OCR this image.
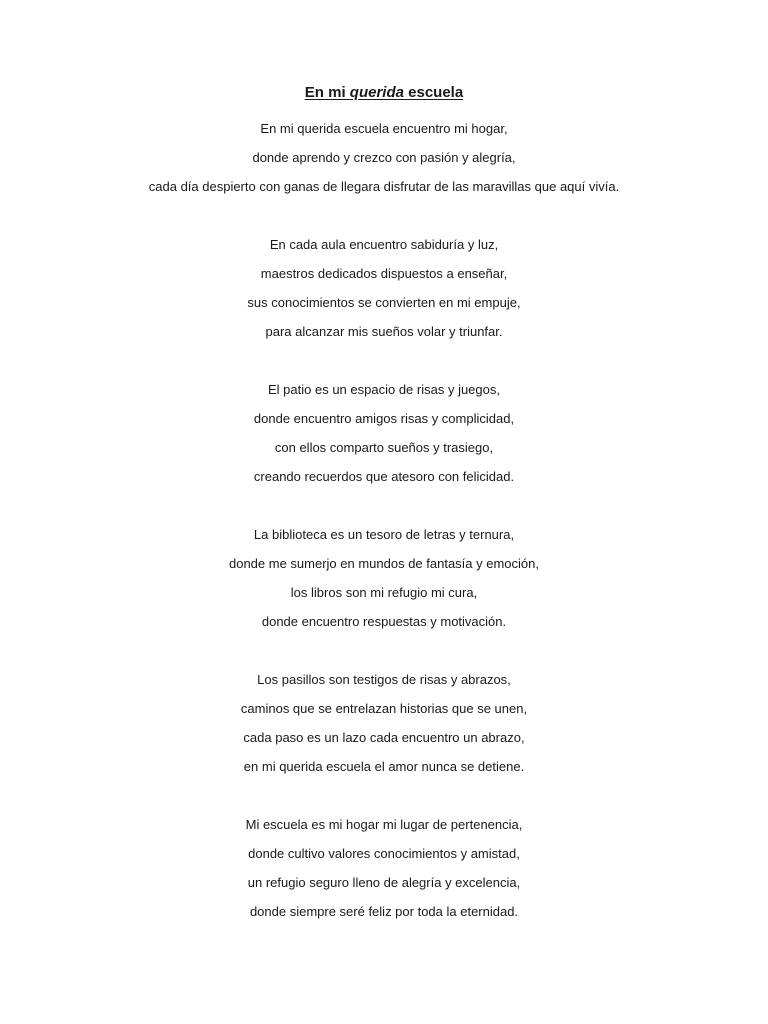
En mi querida escuela
En mi querida escuela encuentro mi hogar,
donde aprendo y crezco con pasión y alegría,
cada día despierto con ganas de llegara disfrutar de las maravillas que aquí vivía.
En cada aula encuentro sabiduría y luz,
maestros dedicados dispuestos a enseñar,
sus conocimientos se convierten en mi empuje,
para alcanzar mis sueños volar y triunfar.
El patio es un espacio de risas y juegos,
donde encuentro amigos risas y complicidad,
con ellos comparto sueños y trasiego,
creando recuerdos que atesoro con felicidad.
La biblioteca es un tesoro de letras y ternura,
donde me sumerjo en mundos de fantasía y emoción,
los libros son mi refugio mi cura,
donde encuentro respuestas y motivación.
Los pasillos son testigos de risas y abrazos,
caminos que se entrelazan historias que se unen,
cada paso es un lazo cada encuentro un abrazo,
en mi querida escuela el amor nunca se detiene.
Mi escuela es mi hogar mi lugar de pertenencia,
donde cultivo valores conocimientos y amistad,
un refugio seguro lleno de alegría y excelencia,
donde siempre seré feliz por toda la eternidad.
